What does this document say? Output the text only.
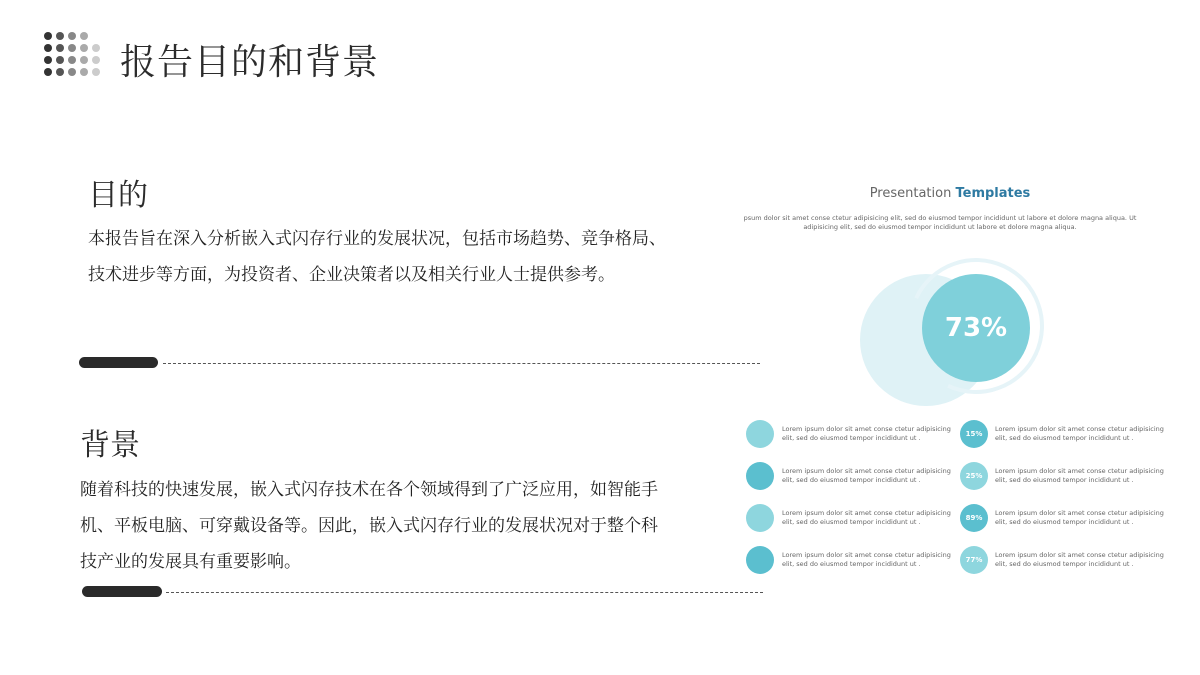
报告目的和背景
目的
本报告旨在深入分析嵌入式闪存行业的发展状况，包括市场趋势、竞争格局、
技术进步等方面，为投资者、企业决策者以及相关行业人士提供参考。
背景
随着科技的快速发展，嵌入式闪存技术在各个领域得到了广泛应用，如智能手
机、平板电脑、可穿戴设备等。因此，嵌入式闪存行业的发展状况对于整个科
技产业的发展具有重要影响。
Presentation Templates
psum dolor sit amet conse ctetur adipisicing elit, sed do eiusmod tempor incididunt ut labore et dolore magna aliqua. Ut
adipisicing elit, sed do eiusmod tempor incididunt ut labore et dolore magna aliqua.
73%
Lorem ipsum dolor sit amet conse ctetur adipisicing
elit, sed do eiusmod tempor incididunt ut .
Lorem ipsum dolor sit amet conse ctetur adipisicing
elit, sed do eiusmod tempor incididunt ut .
Lorem ipsum dolor sit amet conse ctetur adipisicing
elit, sed do eiusmod tempor incididunt ut .
Lorem ipsum dolor sit amet conse ctetur adipisicing
elit, sed do eiusmod tempor incididunt ut .
15%
Lorem ipsum dolor sit amet conse ctetur adipisicing
elit, sed do eiusmod tempor incididunt ut .
25%
Lorem ipsum dolor sit amet conse ctetur adipisicing
elit, sed do eiusmod tempor incididunt ut .
89%
Lorem ipsum dolor sit amet conse ctetur adipisicing
elit, sed do eiusmod tempor incididunt ut .
77%
Lorem ipsum dolor sit amet conse ctetur adipisicing
elit, sed do eiusmod tempor incididunt ut .
